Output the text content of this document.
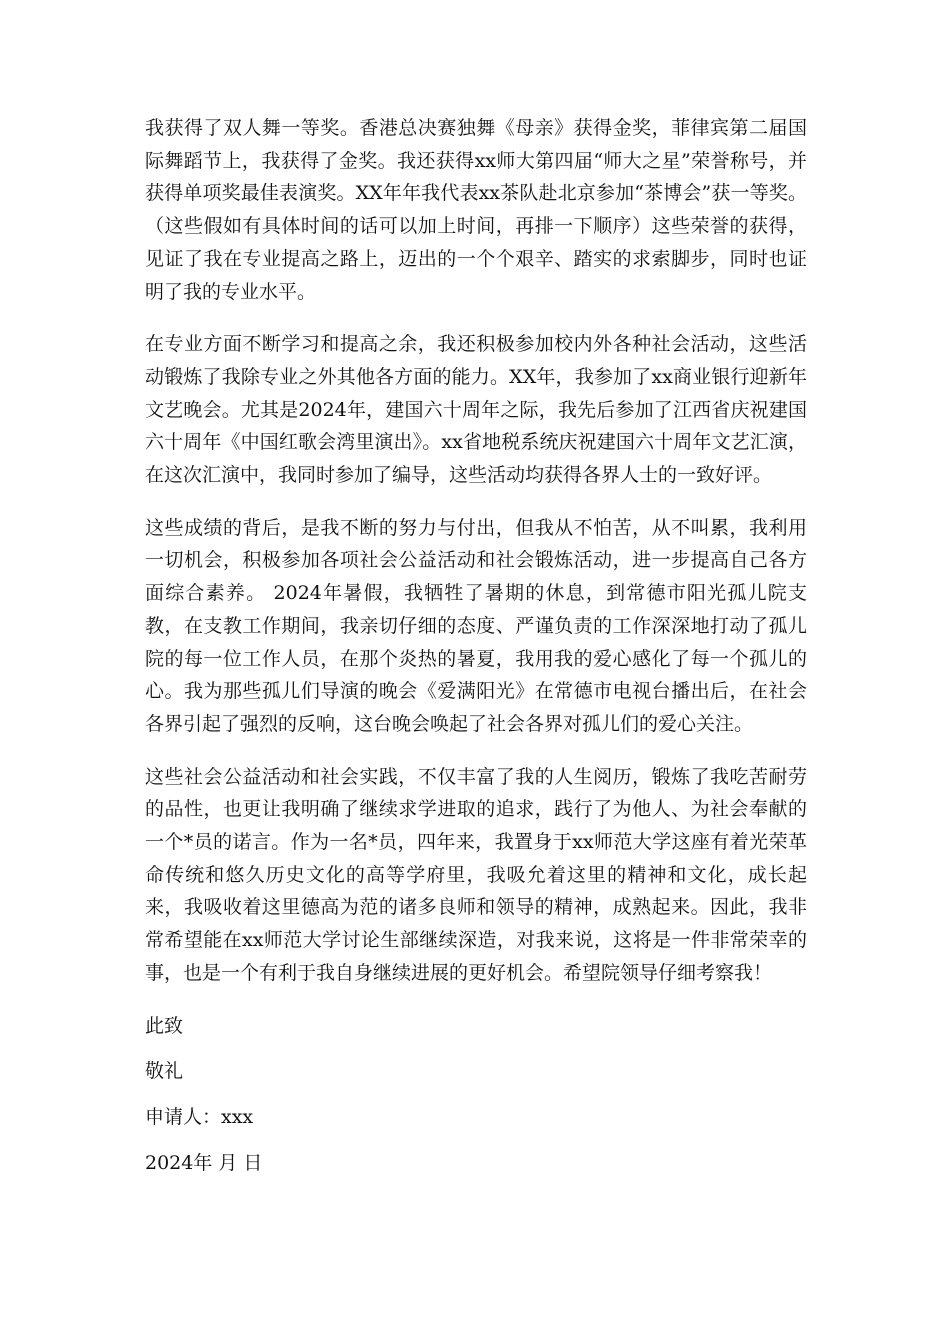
我获得了双人舞一等奖。香港总决赛独舞《母亲》获得金奖，菲律宾第二届国际舞蹈节上，我获得了金奖。我还获得xx师大第四届“师大之星”荣誉称号，并获得单项奖最佳表演奖。XX年年我代表xx茶队赴北京参加“茶博会”获一等奖。（这些假如有具体时间的话可以加上时间，再排一下顺序）这些荣誉的获得，见证了我在专业提高之路上，迈出的一个个艰辛、踏实的求索脚步，同时也证明了我的专业水平。

在专业方面不断学习和提高之余，我还积极参加校内外各种社会活动，这些活动锻炼了我除专业之外其他各方面的能力。XX年，我参加了xx商业银行迎新年文艺晚会。尤其是2024年，建国六十周年之际，我先后参加了江西省庆祝建国六十周年《中国红歌会湾里演出》。xx省地税系统庆祝建国六十周年文艺汇演，在这次汇演中，我同时参加了编导，这些活动均获得各界人士的一致好评。

这些成绩的背后，是我不断的努力与付出，但我从不怕苦，从不叫累，我利用一切机会，积极参加各项社会公益活动和社会锻炼活动，进一步提高自己各方面综合素养。 2024年暑假，我牺牲了暑期的休息，到常德市阳光孤儿院支教，在支教工作期间，我亲切仔细的态度、严谨负责的工作深深地打动了孤儿院的每一位工作人员，在那个炎热的暑夏，我用我的爱心感化了每一个孤儿的心。我为那些孤儿们导演的晚会《爱满阳光》在常德市电视台播出后，在社会各界引起了强烈的反响，这台晚会唤起了社会各界对孤儿们的爱心关注。

这些社会公益活动和社会实践，不仅丰富了我的人生阅历，锻炼了我吃苦耐劳的品性，也更让我明确了继续求学进取的追求，践行了为他人、为社会奉献的一个*员的诺言。作为一名*员，四年来，我置身于xx师范大学这座有着光荣革命传统和悠久历史文化的高等学府里，我吸允着这里的精神和文化，成长起来，我吸收着这里德高为范的诸多良师和领导的精神，成熟起来。因此，我非常希望能在xx师范大学讨论生部继续深造，对我来说，这将是一件非常荣幸的事，也是一个有利于我自身继续进展的更好机会。希望院领导仔细考察我！

此致

敬礼

申请人：xxx

2024年 月 日
